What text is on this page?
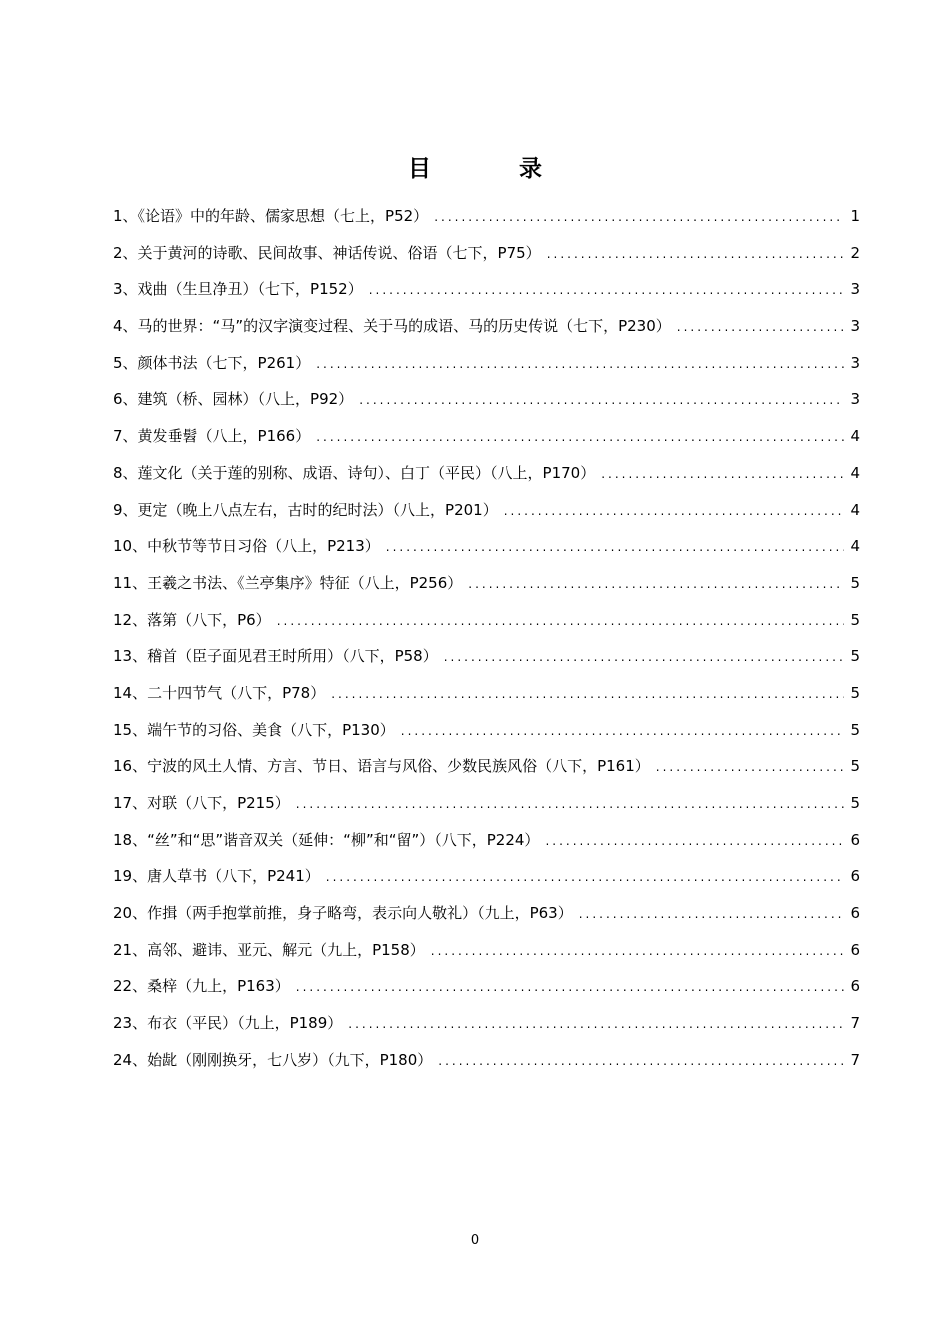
目 录
1、《论语》中的年龄、儒家思想（七上，P52） .....	1
2、关于黄河的诗歌、民间故事、神话传说、俗语（七下，P75） .....	2
3、戏曲（生旦净丑）（七下，P152） .....	3
4、马的世界：“马”的汉字演变过程、关于马的成语、马的历史传说（七下，P230） .....	3
5、颜体书法（七下，P261） .....	3
6、建筑（桥、园林）（八上，P92） .....	3
7、黄发垂髫（八上，P166） .....	4
8、莲文化（关于莲的别称、成语、诗句）、白丁（平民）（八上，P170） .....	4
9、更定（晚上八点左右，古时的纪时法）（八上，P201） .....	4
10、中秋节等节日习俗（八上，P213） .....	4
11、王羲之书法、《兰亭集序》特征（八上，P256） .....	5
12、落第（八下，P6） .....	5
13、稽首（臣子面见君王时所用）（八下，P58） .....	5
14、二十四节气（八下，P78） .....	5
15、端午节的习俗、美食（八下，P130） .....	5
16、宁波的风土人情、方言、节日、语言与风俗、少数民族风俗（八下，P161） .....	5
17、对联（八下，P215） .....	5
18、“丝”和“思”谐音双关（延伸：“柳”和“留”）（八下，P224） .....	6
19、唐人草书（八下，P241） .....	6
20、作揖（两手抱掌前推，身子略弯，表示向人敬礼）（九上，P63） .....	6
21、高邻、避讳、亚元、解元（九上，P158） .....	6
22、桑梓（九上，P163） .....	6
23、布衣（平民）（九上，P189） .....	7
24、始龀（刚刚换牙，七八岁）（九下，P180） .....	7
0
